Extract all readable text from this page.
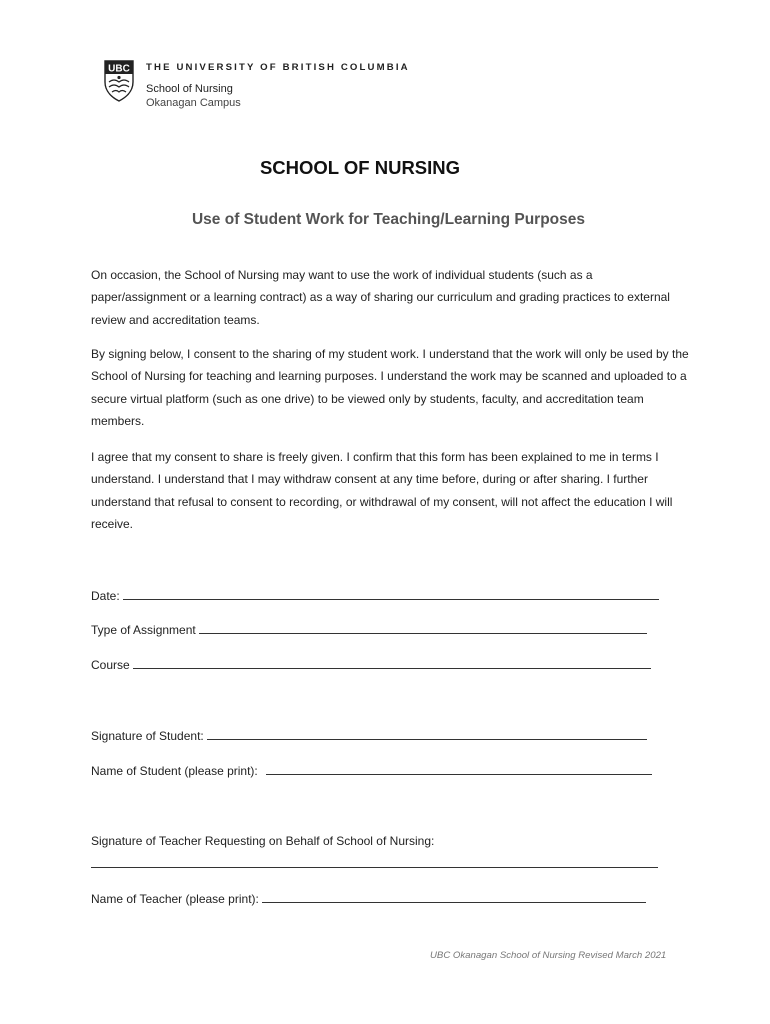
UBC THE UNIVERSITY OF BRITISH COLUMBIA
School of Nursing
Okanagan Campus
SCHOOL OF NURSING
Use of Student Work for Teaching/Learning Purposes

On occasion, the School of Nursing may want to use the work of individual students (such as a paper/assignment or a learning contract) as a way of sharing our curriculum and grading practices to external review and accreditation teams.

By signing below, I consent to the sharing of my student work. I understand that the work will only be used by the School of Nursing for teaching and learning purposes. I understand the work may be scanned and uploaded to a secure virtual platform (such as one drive) to be viewed only by students, faculty, and accreditation team members.

I agree that my consent to share is freely given. I confirm that this form has been explained to me in terms I understand. I understand that I may withdraw consent at any time before, during or after sharing. I further understand that refusal to consent to recording, or withdrawal of my consent, will not affect the education I will receive.

Date:
Type of Assignment
Course
Signature of Student:
Name of Student (please print):
Signature of Teacher Requesting on Behalf of School of Nursing:
Name of Teacher (please print):
UBC Okanagan School of Nursing Revised March 2021
